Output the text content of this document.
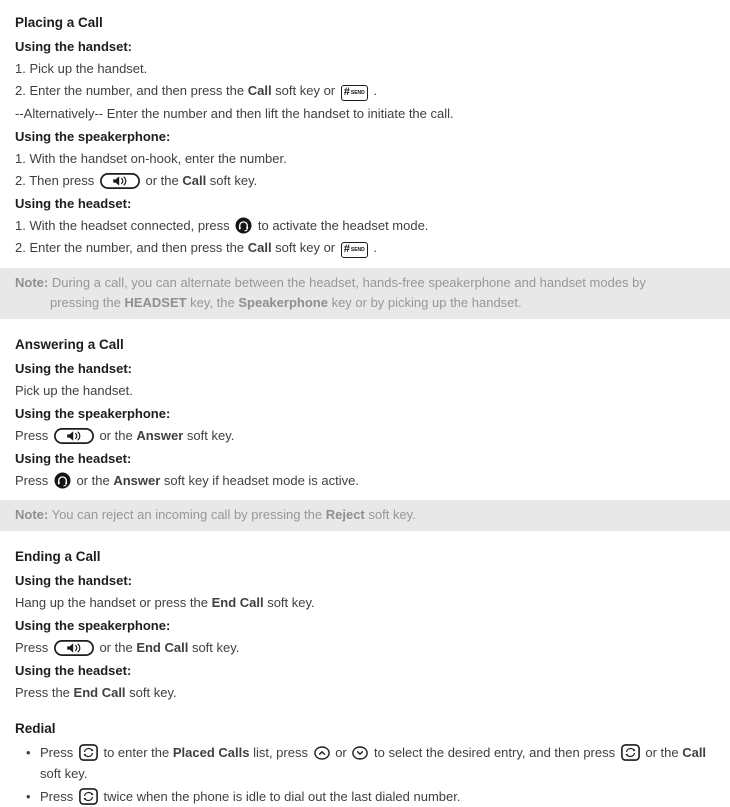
Placing a Call
Using the handset:
1. Pick up the handset.
2. Enter the number, and then press the Call soft key or # SEND .
--Alternatively-- Enter the number and then lift the handset to initiate the call.
Using the speakerphone:
1. With the handset on-hook, enter the number.
2. Then press	or the Call soft key.
Using the headset:
1. With the headset connected, press
to activate the headset mode.
2. Enter the number, and then press the Call soft key or # SEND .
Note: During a call, you can alternate between the headset, hands-free speakerphone and handset modes by pressing the HEADSET key, the Speakerphone key or by picking up the handset.
Answering a Call
Using the handset:
Pick up the handset.
Using the speakerphone:
Press	or the Answer soft key.
Using the headset:
Press
or the Answer soft key if headset mode is active.
Note: You can reject an incoming call by pressing the Reject soft key.
Ending a Call
Using the handset:
Hang up the handset or press the End Call soft key.
Using the speakerphone:
Press	or the End Call soft key.
Using the headset:
Press the End Call soft key.
Redial
• Press
to enter the Placed Calls list, press
or
to select the desired entry, and then press
or the Call soft key.
• Press
twice when the phone is idle to dial out the last dialed number.
